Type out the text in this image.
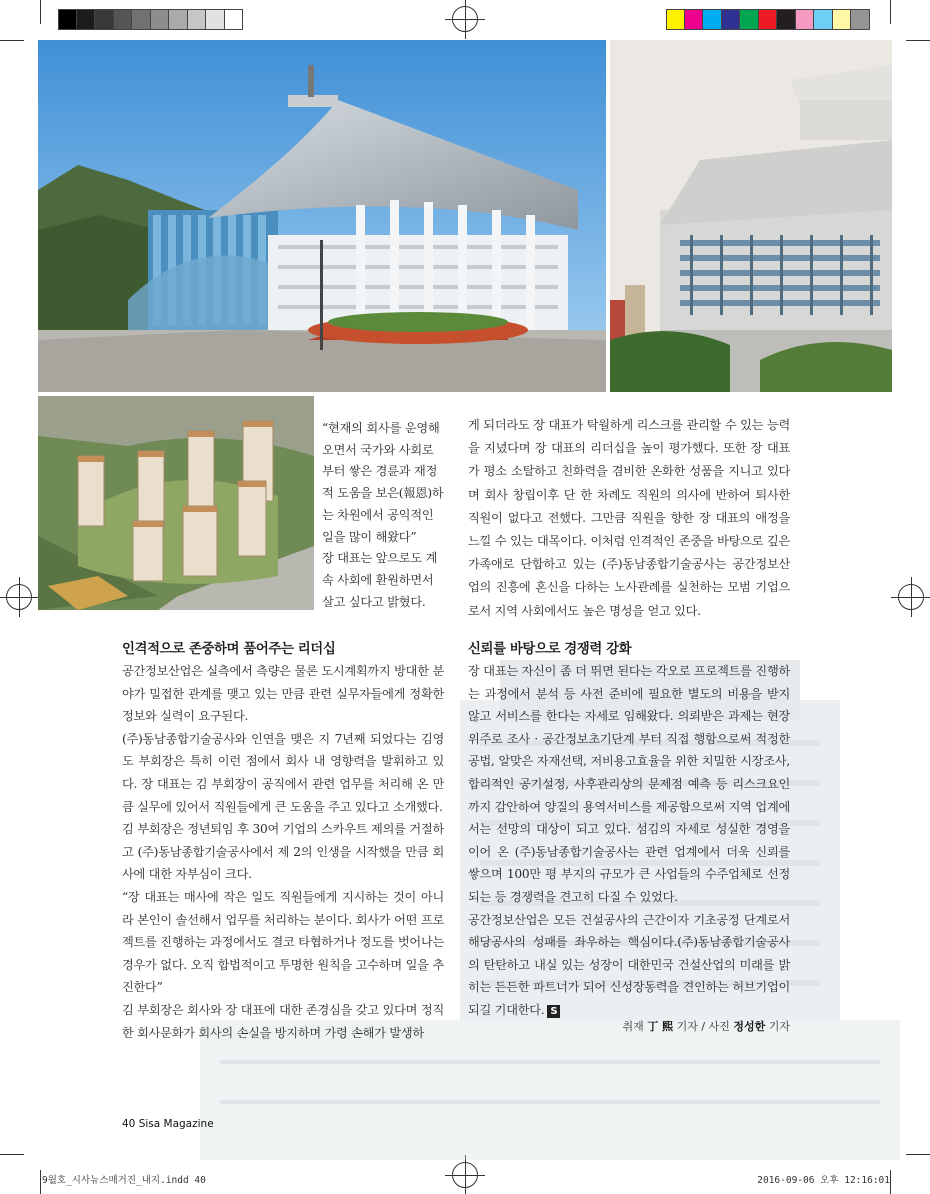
“현재의 회사를 운영해
오면서 국가와 사회로
부터 쌓은 경륜과 재정
적 도움을 보은(報恩)하
는 차원에서 공익적인
일을 많이 해왔다”
장 대표는 앞으로도 계
속 사회에 환원하면서
살고 싶다고 밝혔다.

게 되더라도 장 대표가 탁월하게 리스크를 관리할 수 있는 능력을 지녔다며 장 대표의 리더십을 높이 평가했다. 또한 장 대표가 평소 소탈하고 친화력을 겸비한 온화한 성품을 지니고 있다며 회사 창립이후 단 한 차례도 직원의 의사에 반하여 퇴사한 직원이 없다고 전했다. 그만큼 직원을 향한 장 대표의 애정을 느낄 수 있는 대목이다. 이처럼 인격적인 존중을 바탕으로 깊은 가족애로 단합하고 있는 (주)동남종합기술공사는 공간정보산업의 진흥에 혼신을 다하는 노사관례를 실천하는 모범 기업으로서 지역 사회에서도 높은 명성을 얻고 있다.

인격적으로 존중하며 품어주는 리더십	신뢰를 바탕으로 경쟁력 강화

공간정보산업은 실측에서 측량은 물론 도시계획까지 방대한 분야가 밀접한 관계를 맺고 있는 만큼 관련 실무자들에게 정확한 정보와 실력이 요구된다.

(주)동남종합기술공사와 인연을 맺은 지 7년째 되었다는 김영도 부회장은 특히 이런 점에서 회사 내 영향력을 발휘하고 있다. 장 대표는 김 부회장이 공직에서 관련 업무를 처리해 온 만큼 실무에 있어서 직원들에게 큰 도움을 주고 있다고 소개했다.

김 부회장은 정년퇴임 후 30여 기업의 스카우트 제의를 거절하고 (주)동남종합기술공사에서 제 2의 인생을 시작했을 만큼 회사에 대한 자부심이 크다.

“장 대표는 매사에 작은 일도 직원들에게 지시하는 것이 아니라 본인이 솔선해서 업무를 처리하는 분이다. 회사가 어떤 프로젝트를 진행하는 과정에서도 결코 타협하거나 정도를 벗어나는 경우가 없다. 오직 합법적이고 투명한 원칙을 고수하며 일을 추진한다”

김 부회장은 회사와 장 대표에 대한 존경심을 갖고 있다며 정직한 회사문화가 회사의 손실을 방지하며 가령 손해가 발생하

장 대표는 자신이 좀 더 뛰면 된다는 각오로 프로젝트를 진행하는 과정에서 분석 등 사전 준비에 필요한 별도의 비용을 받지 않고 서비스를 한다는 자세로 임해왔다. 의뢰받은 과제는 현장위주로 조사 · 공간정보초기단계 부터 직접 행함으로써 적정한 공법, 알맞은 자재선택, 저비용고효율을 위한 치밀한 시장조사, 합리적인 공기설정, 사후관리상의 문제점 예측 등 리스크요인까지 감안하여 양질의 용역서비스를 제공함으로써 지역 업계에서는 선망의 대상이 되고 있다. 섬김의 자세로 성실한 경영을 이어 온 (주)동남종합기술공사는 관련 업계에서 더욱 신뢰를 쌓으며 100만 평 부지의 규모가 큰 사업들의 수주업체로 선정 되는 등 경쟁력을 견고히 다질 수 있었다.

공간정보산업은 모든 건설공사의 근간이자 기초공정 단계로서 해당공사의 성패를 좌우하는 핵심이다.(주)동남종합기술공사의 탄탄하고 내실 있는 성장이 대한민국 건설산업의 미래를 밝히는 든든한 파트너가 되어 신성장동력을 견인하는 허브기업이 되길 기대한다. S

취재 丁 熙 기자 / 사진 정성한 기자
40 Sisa Magazine
9월호_시사뉴스매거진_내지.indd 40	2016-09-06 오후 12:16:01
